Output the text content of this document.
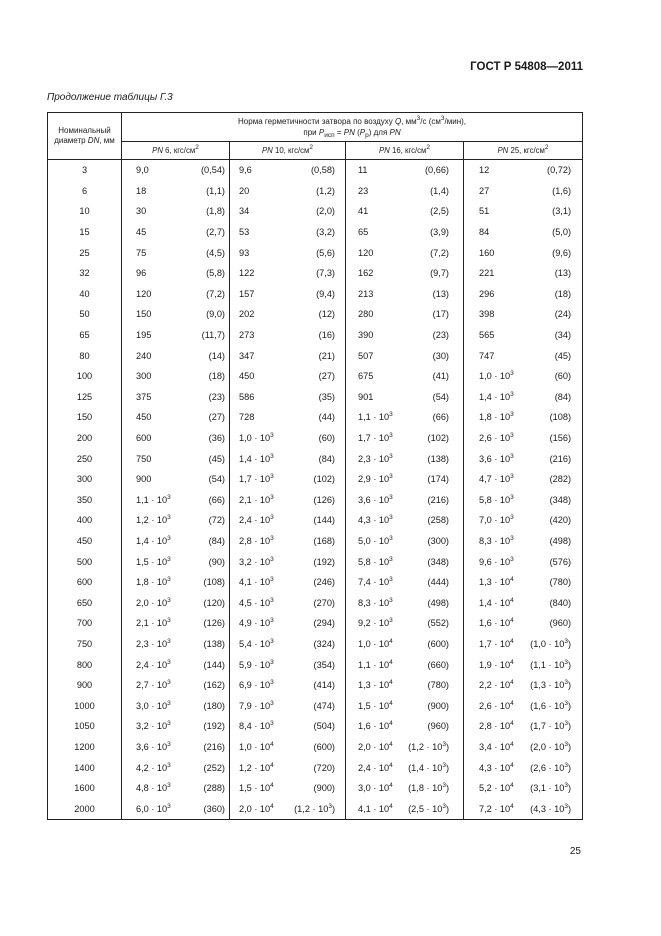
ГОСТ Р 54808—2011
Продолжение таблицы Г.3
Номинальный
диаметр DN, мм	Норма герметичности затвора по воздуху Q, $мм^3/с$ $(см^3/мин)$,
при $P_{исп}$ = PN $(P_р)$ для PN			
	PN 6, кгс/$см^2$	PN 10, кгс/$см^2$	PN 16, кгс/$см^2$	PN 25, кгс/$см^2$
3	9,0 (0,54)	9,6 (0,58)	11 (0,66)	12 (0,72)

6	18 (1,1)	20 (1,2)	23 (1,4)	27 (1,6)

10	30 (1,8)	34 (2,0)	41 (2,5)	51 (3,1)

15	45 (2,7)	53 (3,2)	65 (3,9)	84 (5,0)

25	75 (4,5)	93 (5,6)	120 (7,2)	160 (9,6)

32	96 (5,8)	122 (7,3)	162 (9,7)	221 (13)

40	120 (7,2)	157 (9,4)	213 (13)	296 (18)

50	150 (9,0)	202 (12)	280 (17)	398 (24)

65	195 (11,7)	273 (16)	390 (23)	565 (34)

80	240 (14)	347 (21)	507 (30)	747 (45)

100	300 (18)	450 (27)	675 (41)	$1,0 \cdot 10^3$ (60)

125	375 (23)	586 (35)	901 (54)	$1,4 \cdot 10^3$ (84)

150	450 (27)	728 (44)	$1,1 \cdot 10^3$ (66)	$1,8 \cdot 10^3$ (108)

200	600 (36)	$1,0 \cdot 10^3$ (60)	$1,7 \cdot 10^3$ (102)	$2,6 \cdot 10^3$ (156)

250	750 (45)	$1,4 \cdot 10^3$ (84)	$2,3 \cdot 10^3$ (138)	$3,6 \cdot 10^3$ (216)

300	900 (54)	$1,7 \cdot 10^3$ (102)	$2,9 \cdot 10^3$ (174)	$4,7 \cdot 10^3$ (282)

350	$1,1 \cdot 10^3$ (66)	$2,1 \cdot 10^3$ (126)	$3,6 \cdot 10^3$ (216)	$5,8 \cdot 10^3$ (348)

400	$1,2 \cdot 10^3$ (72)	$2,4 \cdot 10^3$ (144)	$4,3 \cdot 10^3$ (258)	$7,0 \cdot 10^3$ (420)

450	$1,4 \cdot 10^3$ (84)	$2,8 \cdot 10^3$ (168)	$5,0 \cdot 10^3$ (300)	$8,3 \cdot 10^3$ (498)

500	$1,5 \cdot 10^3$ (90)	$3,2 \cdot 10^3$ (192)	$5,8 \cdot 10^3$ (348)	$9,6 \cdot 10^3$ (576)

600	$1,8 \cdot 10^3$ (108)	$4,1 \cdot 10^3$ (246)	$7,4 \cdot 10^3$ (444)	$1,3 \cdot 10^4$ (780)

650	$2,0 \cdot 10^3$ (120)	$4,5 \cdot 10^3$ (270)	$8,3 \cdot 10^3$ (498)	$1,4 \cdot 10^4$ (840)

700	$2,1 \cdot 10^3$ (126)	$4,9 \cdot 10^3$ (294)	$9,2 \cdot 10^3$ (552)	$1,6 \cdot 10^4$ (960)

750	$2,3 \cdot 10^3$ (138)	$5,4 \cdot 10^3$ (324)	$1,0 \cdot 10^4$ (600)	$1,7 \cdot 10^4$ $(1,0 \cdot 10^3)$

800	$2,4 \cdot 10^3$ (144)	$5,9 \cdot 10^3$ (354)	$1,1 \cdot 10^4$ (660)	$1,9 \cdot 10^4$ $(1,1 \cdot 10^3)$

900	$2,7 \cdot 10^3$ (162)	$6,9 \cdot 10^3$ (414)	$1,3 \cdot 10^4$ (780)	$2,2 \cdot 10^4$ $(1,3 \cdot 10^3)$

1000	$3,0 \cdot 10^3$ (180)	$7,9 \cdot 10^3$ (474)	$1,5 \cdot 10^4$ (900)	$2,6 \cdot 10^4$ $(1,6 \cdot 10^3)$

1050	$3,2 \cdot 10^3$ (192)	$8,4 \cdot 10^3$ (504)	$1,6 \cdot 10^4$ (960)	$2,8 \cdot 10^4$ $(1,7 \cdot 10^3)$

1200	$3,6 \cdot 10^3$ (216)	$1,0 \cdot 10^4$ (600)	$2,0 \cdot 10^4$ $(1,2 \cdot 10^3)$	$3,4 \cdot 10^4$ $(2,0 \cdot 10^3)$

1400	$4,2 \cdot 10^3$ (252)	$1,2 \cdot 10^4$ (720)	$2,4 \cdot 10^4$ $(1,4 \cdot 10^3)$	$4,3 \cdot 10^4$ $(2,6 \cdot 10^3)$

1600	$4,8 \cdot 10^3$ (288)	$1,5 \cdot 10^4$ (900)	$3,0 \cdot 10^4$ $(1,8 \cdot 10^3)$	$5,2 \cdot 10^4$ $(3,1 \cdot 10^3)$

2000	$6,0 \cdot 10^3$ (360)	$2,0 \cdot 10^4$ $(1,2 \cdot 10^3)$	$4,1 \cdot 10^4$ $(2,5 \cdot 10^3)$	$7,2 \cdot 10^4$ $(4,3 \cdot 10^3)$
25
